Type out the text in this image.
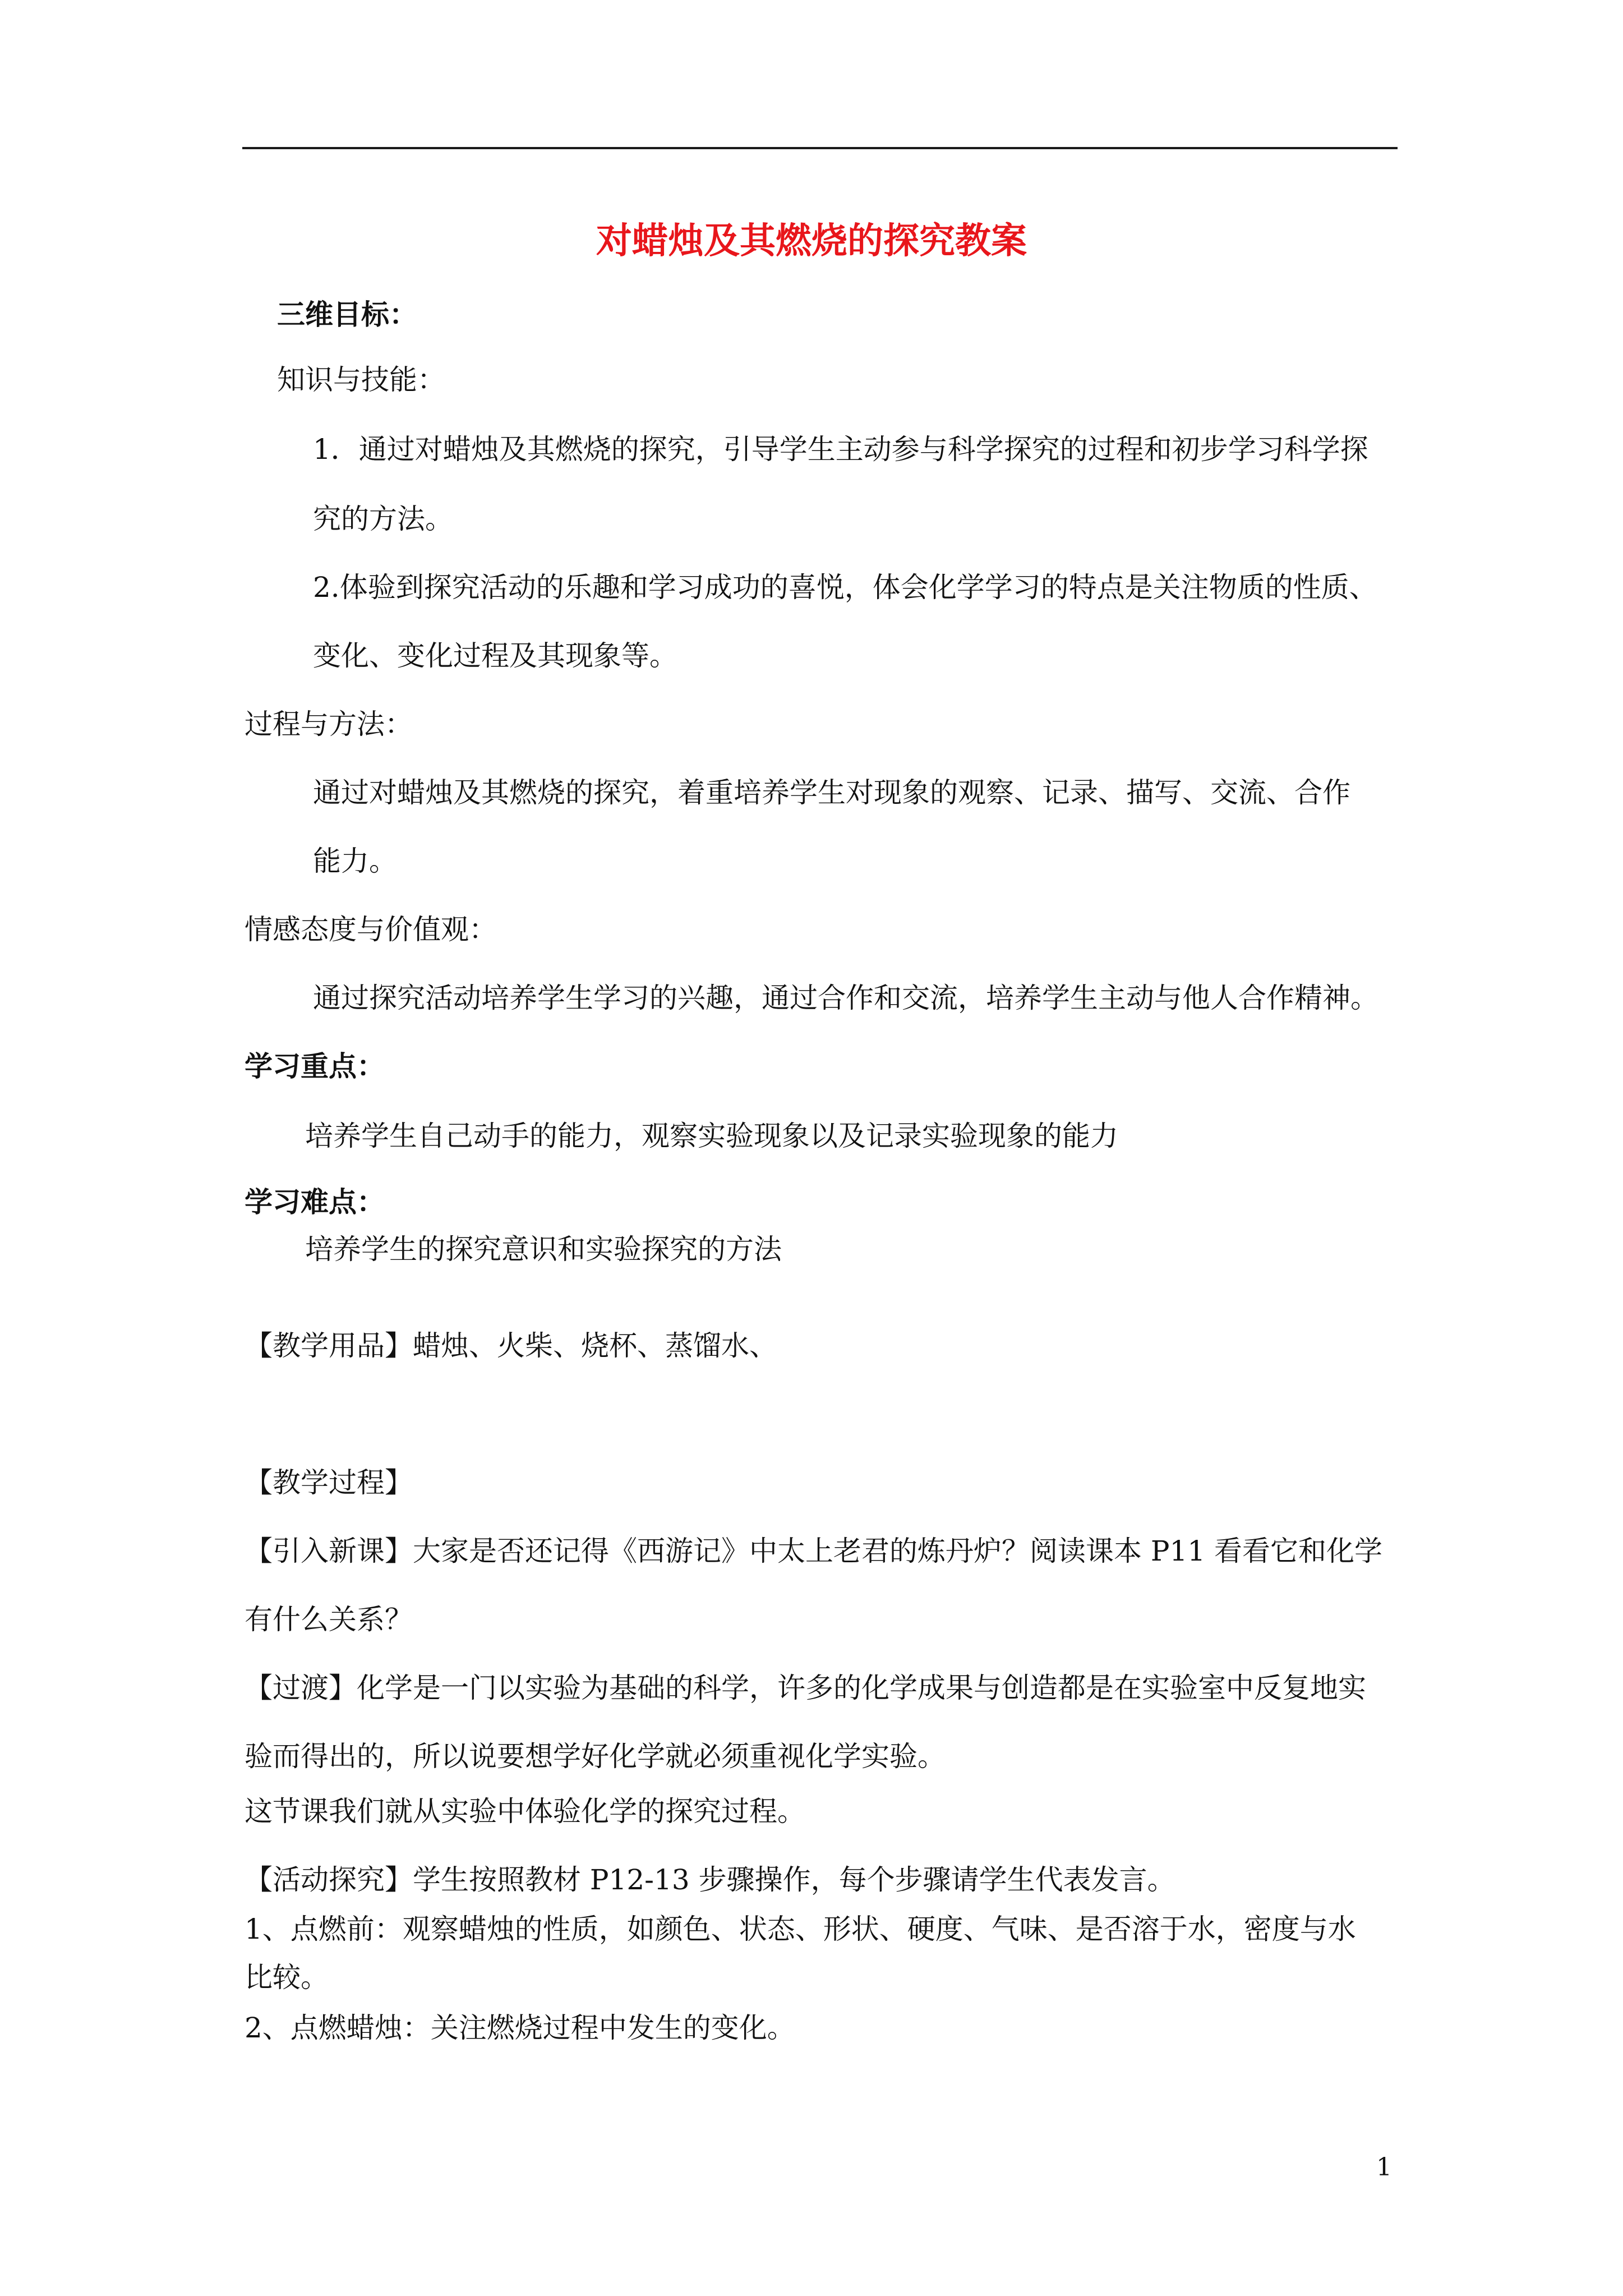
对蜡烛及其燃烧的探究教案
三维目标：
知识与技能：
1．通过对蜡烛及其燃烧的探究，引导学生主动参与科学探究的过程和初步学习科学探
究的方法。
2.体验到探究活动的乐趣和学习成功的喜悦，体会化学学习的特点是关注物质的性质、
变化、变化过程及其现象等。
过程与方法：
通过对蜡烛及其燃烧的探究，着重培养学生对现象的观察、记录、描写、交流、合作
能力。
情感态度与价值观：
通过探究活动培养学生学习的兴趣，通过合作和交流，培养学生主动与他人合作精神。
学习重点：
培养学生自己动手的能力，观察实验现象以及记录实验现象的能力
学习难点：
培养学生的探究意识和实验探究的方法
【教学用品】蜡烛、火柴、烧杯、蒸馏水、
【教学过程】
【引入新课】大家是否还记得《西游记》中太上老君的炼丹炉？阅读课本 P11 看看它和化学
有什么关系？
【过渡】化学是一门以实验为基础的科学，许多的化学成果与创造都是在实验室中反复地实
验而得出的，所以说要想学好化学就必须重视化学实验。
这节课我们就从实验中体验化学的探究过程。
【活动探究】学生按照教材 P12-13 步骤操作，每个步骤请学生代表发言。
1、点燃前：观察蜡烛的性质，如颜色、状态、形状、硬度、气味、是否溶于水，密度与水
比较。
2、点燃蜡烛：关注燃烧过程中发生的变化。
1
